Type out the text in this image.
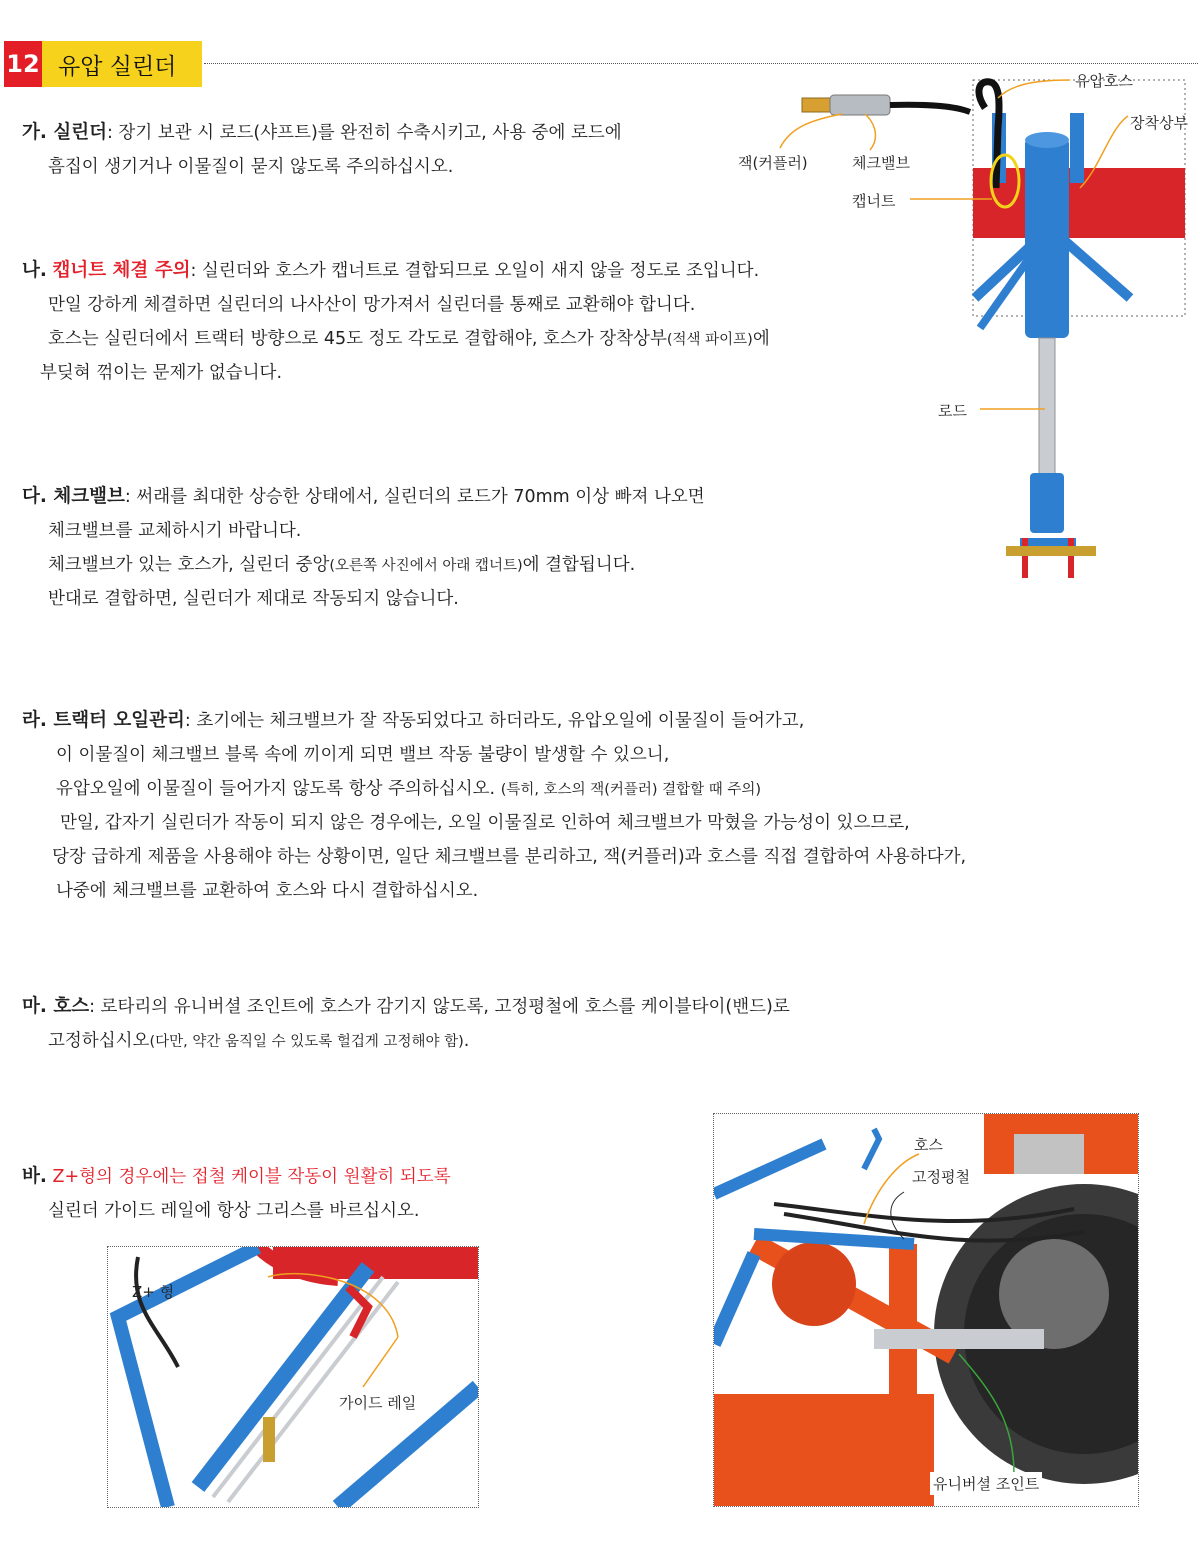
12 유압 실린더
가. 실린더: 장기 보관 시 로드(샤프트)를 완전히 수축시키고, 사용 중에 로드에
흠집이 생기거나 이물질이 묻지 않도록 주의하십시오.
나. 캡너트 체결 주의: 실린더와 호스가 캡너트로 결합되므로 오일이 새지 않을 정도로 조입니다.
만일 강하게 체결하면 실린더의 나사산이 망가져서 실린더를 통째로 교환해야 합니다.
호스는 실린더에서 트랙터 방향으로 45도 정도 각도로 결합해야, 호스가 장착상부(적색 파이프)에
부딪혀 꺾이는 문제가 없습니다.
다. 체크밸브: 써래를 최대한 상승한 상태에서, 실린더의 로드가 70mm 이상 빠져 나오면
체크밸브를 교체하시기 바랍니다.
체크밸브가 있는 호스가, 실린더 중앙(오른쪽 사진에서 아래 캡너트)에 결합됩니다.
반대로 결합하면, 실린더가 제대로 작동되지 않습니다.
라. 트랙터 오일관리: 초기에는 체크밸브가 잘 작동되었다고 하더라도, 유압오일에 이물질이 들어가고,
이 이물질이 체크밸브 블록 속에 끼이게 되면 밸브 작동 불량이 발생할 수 있으니,
유압오일에 이물질이 들어가지 않도록 항상 주의하십시오. (특히, 호스의 잭(커플러) 결합할 때 주의)
만일, 갑자기 실린더가 작동이 되지 않은 경우에는, 오일 이물질로 인하여 체크밸브가 막혔을 가능성이 있으므로,
당장 급하게 제품을 사용해야 하는 상황이면, 일단 체크밸브를 분리하고, 잭(커플러)과 호스를 직접 결합하여 사용하다가,
나중에 체크밸브를 교환하여 호스와 다시 결합하십시오.
마. 호스: 로타리의 유니버셜 조인트에 호스가 감기지 않도록, 고정평철에 호스를 케이블타이(밴드)로
고정하십시오(다만, 약간 움직일 수 있도록 헐겁게 고정해야 함).
바. Z+형의 경우에는 접철 케이블 작동이 원활히 되도록
실린더 가이드 레일에 항상 그리스를 바르십시오.
유압호스
장착상부
잭(커플러)	체크밸브
캡너트
로드
Z+ 형
가이드 레일
호스
고정평철
유니버셜 조인트
